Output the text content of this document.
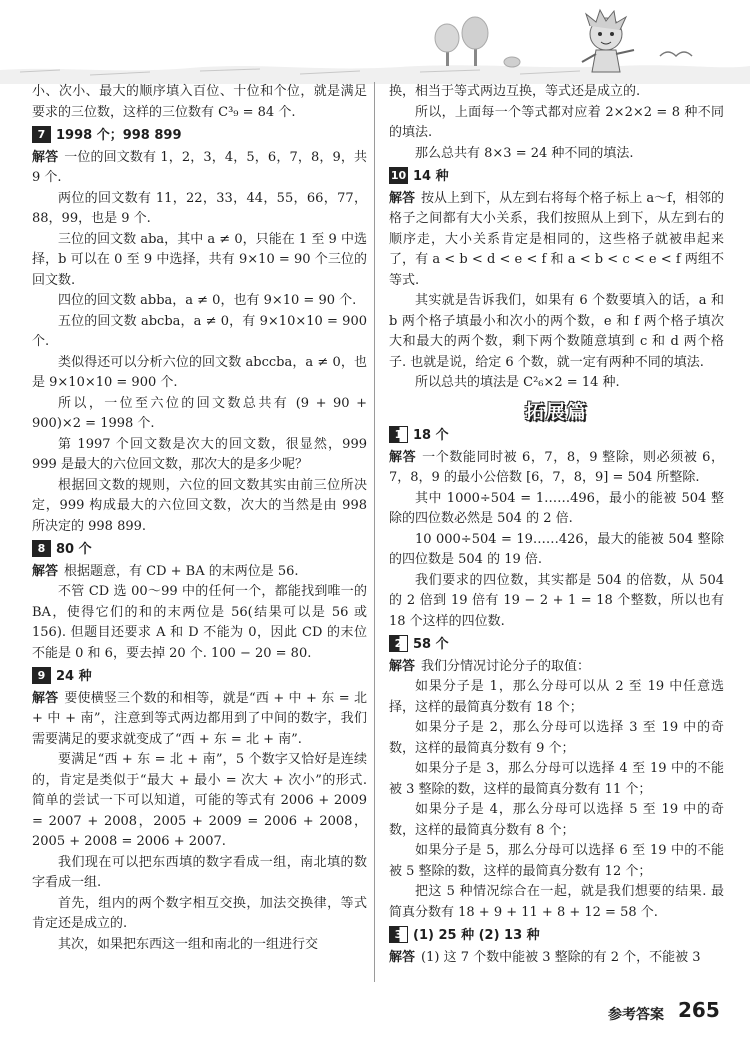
小、次小、最大的顺序填入百位、十位和个位，就是满足要求的三位数，这样的三位数有 C³₉ = 84 个.

7 1998 个；998 899

解答 一位的回文数有 1，2，3，4，5，6，7，8，9，共 9 个.

两位的回文数有 11，22，33，44，55，66，77，88，99，也是 9 个.

三位的回文数 aba，其中 a ≠ 0，只能在 1 至 9 中选择，b 可以在 0 至 9 中选择，共有 9×10 = 90 个三位的回文数.

四位的回文数 abba，a ≠ 0，也有 9×10 = 90 个.

五位的回文数 abcba，a ≠ 0，有 9×10×10 = 900 个.

类似得还可以分析六位的回文数 abccba，a ≠ 0，也是 9×10×10 = 900 个.

所以，一位至六位的回文数总共有 (9 + 90 + 900)×2 = 1998 个.

第 1997 个回文数是次大的回文数，很显然，999 999 是最大的六位回文数，那次大的是多少呢？

根据回文数的规则，六位的回文数其实由前三位所决定，999 构成最大的六位回文数，次大的当然是由 998 所决定的 998 899.

8 80 个

解答 根据题意，有 CD + BA 的末两位是 56.

不管 CD 选 00～99 中的任何一个，都能找到唯一的 BA，使得它们的和的末两位是 56(结果可以是 56 或 156). 但题目还要求 A 和 D 不能为 0，因此 CD 的末位不能是 0 和 6，要去掉 20 个. 100 − 20 = 80.

9 24 种

解答 要使横竖三个数的和相等，就是“西 + 中 + 东 = 北 + 中 + 南”，注意到等式两边都用到了中间的数字，我们需要满足的要求就变成了“西 + 东 = 北 + 南”.

要满足“西 + 东 = 北 + 南”，5 个数字又恰好是连续的，肯定是类似于“最大 + 最小 = 次大 + 次小”的形式. 简单的尝试一下可以知道，可能的等式有 2006 + 2009 = 2007 + 2008，2005 + 2009 = 2006 + 2008，2005 + 2008 = 2006 + 2007.

我们现在可以把东西填的数字看成一组，南北填的数字看成一组.

首先，组内的两个数字相互交换，加法交换律，等式肯定还是成立的.

其次，如果把东西这一组和南北的一组进行交

换，相当于等式两边互换，等式还是成立的.

所以，上面每一个等式都对应着 2×2×2 = 8 种不同的填法.

那么总共有 8×3 = 24 种不同的填法.

10 14 种

解答 按从上到下，从左到右将每个格子标上 a～f，相邻的格子之间都有大小关系，我们按照从上到下，从左到右的顺序走，大小关系肯定是相同的，这些格子就被串起来了，有 a < b < d < e < f 和 a < b < c < e < f 两组不等式.

其实就是告诉我们，如果有 6 个数要填入的话，a 和 b 两个格子填最小和次小的两个数，e 和 f 两个格子填次大和最大的两个数，剩下两个数随意填到 c 和 d 两个格子. 也就是说，给定 6 个数，就一定有两种不同的填法.

所以总共的填法是 C²₆×2 = 14 种.

拓展篇
1 18 个

解答 一个数能同时被 6，7，8，9 整除，则必须被 6，7，8，9 的最小公倍数 [6，7，8，9] = 504 所整除.

其中 1000÷504 = 1……496，最小的能被 504 整除的四位数必然是 504 的 2 倍.

10 000÷504 = 19……426，最大的能被 504 整除的四位数是 504 的 19 倍.

我们要求的四位数，其实都是 504 的倍数，从 504 的 2 倍到 19 倍有 19 − 2 + 1 = 18 个整数，所以也有 18 个这样的四位数.

2 58 个

解答 我们分情况讨论分子的取值：

如果分子是 1，那么分母可以从 2 至 19 中任意选择，这样的最简真分数有 18 个；

如果分子是 2，那么分母可以选择 3 至 19 中的奇数，这样的最简真分数有 9 个；

如果分子是 3，那么分母可以选择 4 至 19 中的不能被 3 整除的数，这样的最简真分数有 11 个；

如果分子是 4，那么分母可以选择 5 至 19 中的奇数，这样的最简真分数有 8 个；

如果分子是 5，那么分母可以选择 6 至 19 中的不能被 5 整除的数，这样的最简真分数有 12 个；

把这 5 种情况综合在一起，就是我们想要的结果. 最简真分数有 18 + 9 + 11 + 8 + 12 = 58 个.

3 (1) 25 种 (2) 13 种

解答 (1) 这 7 个数中能被 3 整除的有 2 个，不能被 3

参考答案 265
